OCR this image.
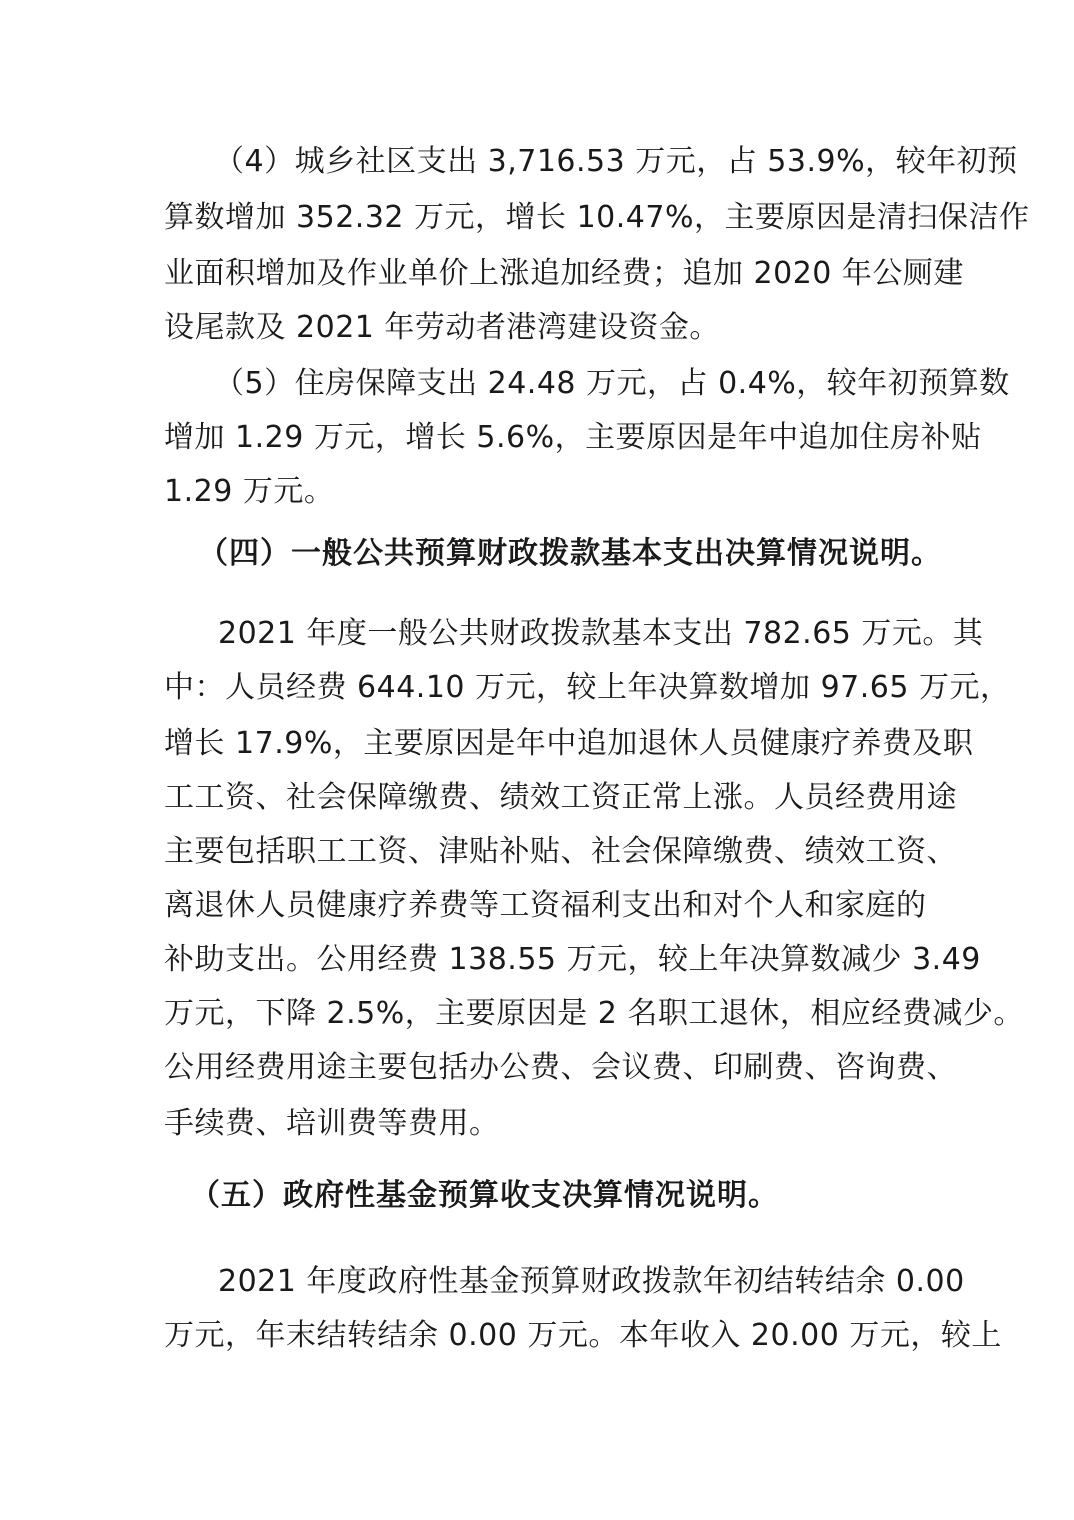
（4）城乡社区支出 3,716.53 万元，占 53.9%，较年初预
算数增加 352.32 万元，增长 10.47%，主要原因是清扫保洁作
业面积增加及作业单价上涨追加经费；追加 2020 年公厕建
设尾款及 2021 年劳动者港湾建设资金。
（5）住房保障支出 24.48 万元，占 0.4%，较年初预算数
增加 1.29 万元，增长 5.6%，主要原因是年中追加住房补贴
1.29 万元。
（四）一般公共预算财政拨款基本支出决算情况说明。
2021 年度一般公共财政拨款基本支出 782.65 万元。其
中：人员经费 644.10 万元，较上年决算数增加 97.65 万元，
增长 17.9%，主要原因是年中追加退休人员健康疗养费及职
工工资、社会保障缴费、绩效工资正常上涨。人员经费用途
主要包括职工工资、津贴补贴、社会保障缴费、绩效工资、
离退休人员健康疗养费等工资福利支出和对个人和家庭的
补助支出。公用经费 138.55 万元，较上年决算数减少 3.49
万元，下降 2.5%，主要原因是 2 名职工退休，相应经费减少。
公用经费用途主要包括办公费、会议费、印刷费、咨询费、
手续费、培训费等费用。
（五）政府性基金预算收支决算情况说明。
2021 年度政府性基金预算财政拨款年初结转结余 0.00
万元，年末结转结余 0.00 万元。本年收入 20.00 万元，较上
